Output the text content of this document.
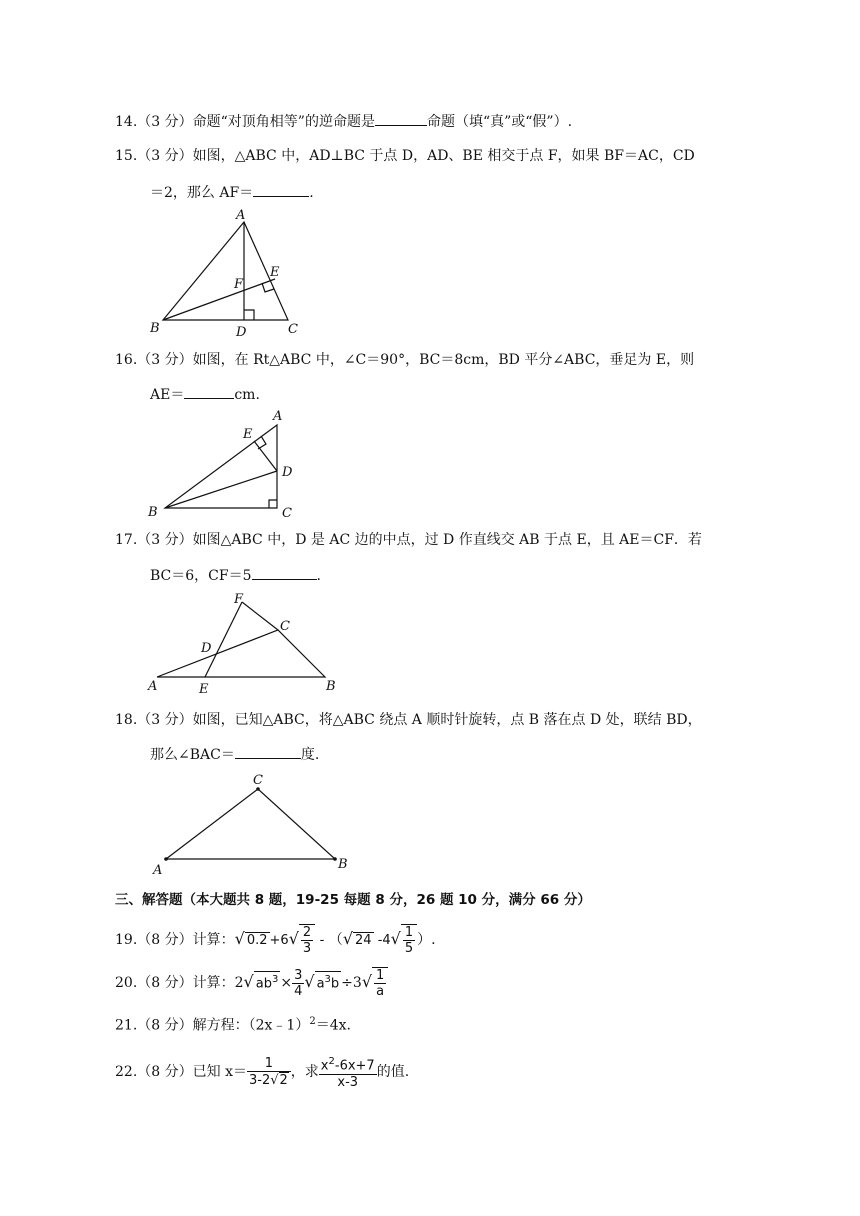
14.（3 分）命题“对顶角相等”的逆命题是	命题（填“真”或“假”）.
15.（3 分）如图，△ABC 中，AD⊥BC 于点 D，AD、BE 相交于点 F，如果 BF＝AC，CD
＝2，那么 AF＝	.
A
B	C
D
E
F
16.（3 分）如图，在 Rt△ABC 中，∠C＝90°，BC＝8cm，BD 平分∠ABC，垂足为 E，则
AE＝	cm.
A
B	C
D
E
17.（3 分）如图△ABC 中，D 是 AC 边的中点，过 D 作直线交 AB 于点 E，且 AE＝CF．若
BC＝6，CF＝5	.
A	B
C
D
E
F
18.（3 分）如图，已知△ABC，将△ABC 绕点 A 顺时针旋转，点 B 落在点 D 处，联结 BD，
那么∠BAC＝	度.
A	B
C
三、解答题（本大题共 8 题，19-25 每题 8 分，26 题 10 分，满分 66 分）
19.（8 分）计算：√ $0.2 +6√ \frac{2}{3}$ - （√ 24 $-4√ \frac{1}{5}$ ）.
20.（8 分）计算：2√ $ab^3 \times \frac{3}{4}$ √ $a^3b \div 3√ \frac{1}{a}$
21.（8 分）解方程：（2x﹣1）$^2$＝4x.
22.（8 分）已知 $x= \frac{1}{3-2√2}$ ，求 $\frac{x^2-6x+7}{x-3}$ 的值.
